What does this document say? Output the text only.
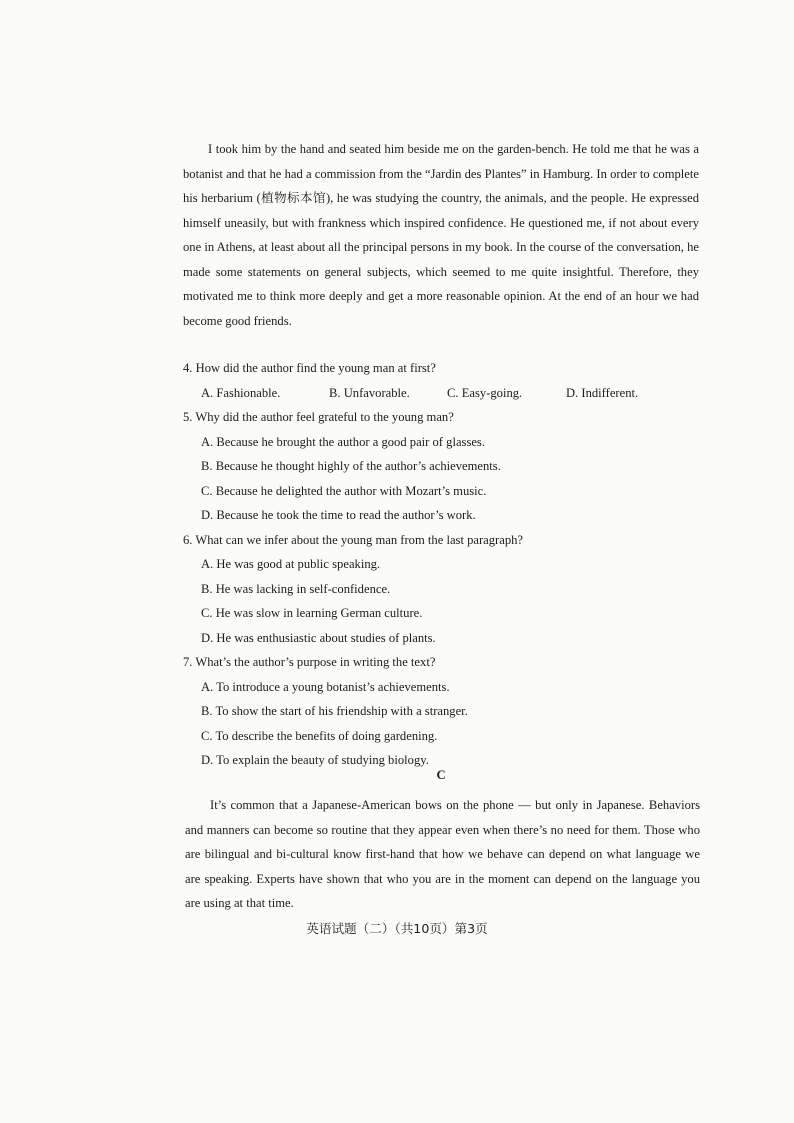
I took him by the hand and seated him beside me on the garden-bench. He told me that he was a botanist and that he had a commission from the “Jardin des Plantes” in Hamburg. In order to complete his herbarium (植物标本馆), he was studying the country, the animals, and the people. He expressed himself uneasily, but with frankness which inspired confidence. He questioned me, if not about every one in Athens, at least about all the principal persons in my book. In the course of the conversation, he made some statements on general subjects, which seemed to me quite insightful. Therefore, they motivated me to think more deeply and get a more reasonable opinion. At the end of an hour we had become good friends.
4. How did the author find the young man at first?
A. Fashionable.	B. Unfavorable.	C. Easy-going.	D. Indifferent.
5. Why did the author feel grateful to the young man?
A. Because he brought the author a good pair of glasses.
B. Because he thought highly of the author’s achievements.
C. Because he delighted the author with Mozart’s music.
D. Because he took the time to read the author’s work.
6. What can we infer about the young man from the last paragraph?
A. He was good at public speaking.
B. He was lacking in self-confidence.
C. He was slow in learning German culture.
D. He was enthusiastic about studies of plants.
7. What’s the author’s purpose in writing the text?
A. To introduce a young botanist’s achievements.
B. To show the start of his friendship with a stranger.
C. To describe the benefits of doing gardening.
D. To explain the beauty of studying biology.
C
It’s common that a Japanese-American bows on the phone — but only in Japanese. Behaviors and manners can become so routine that they appear even when there’s no need for them. Those who are bilingual and bi-cultural know first-hand that how we behave can depend on what language we are speaking. Experts have shown that who you are in the moment can depend on the language you are using at that time.
英语试题（二）（共10页）第3页
